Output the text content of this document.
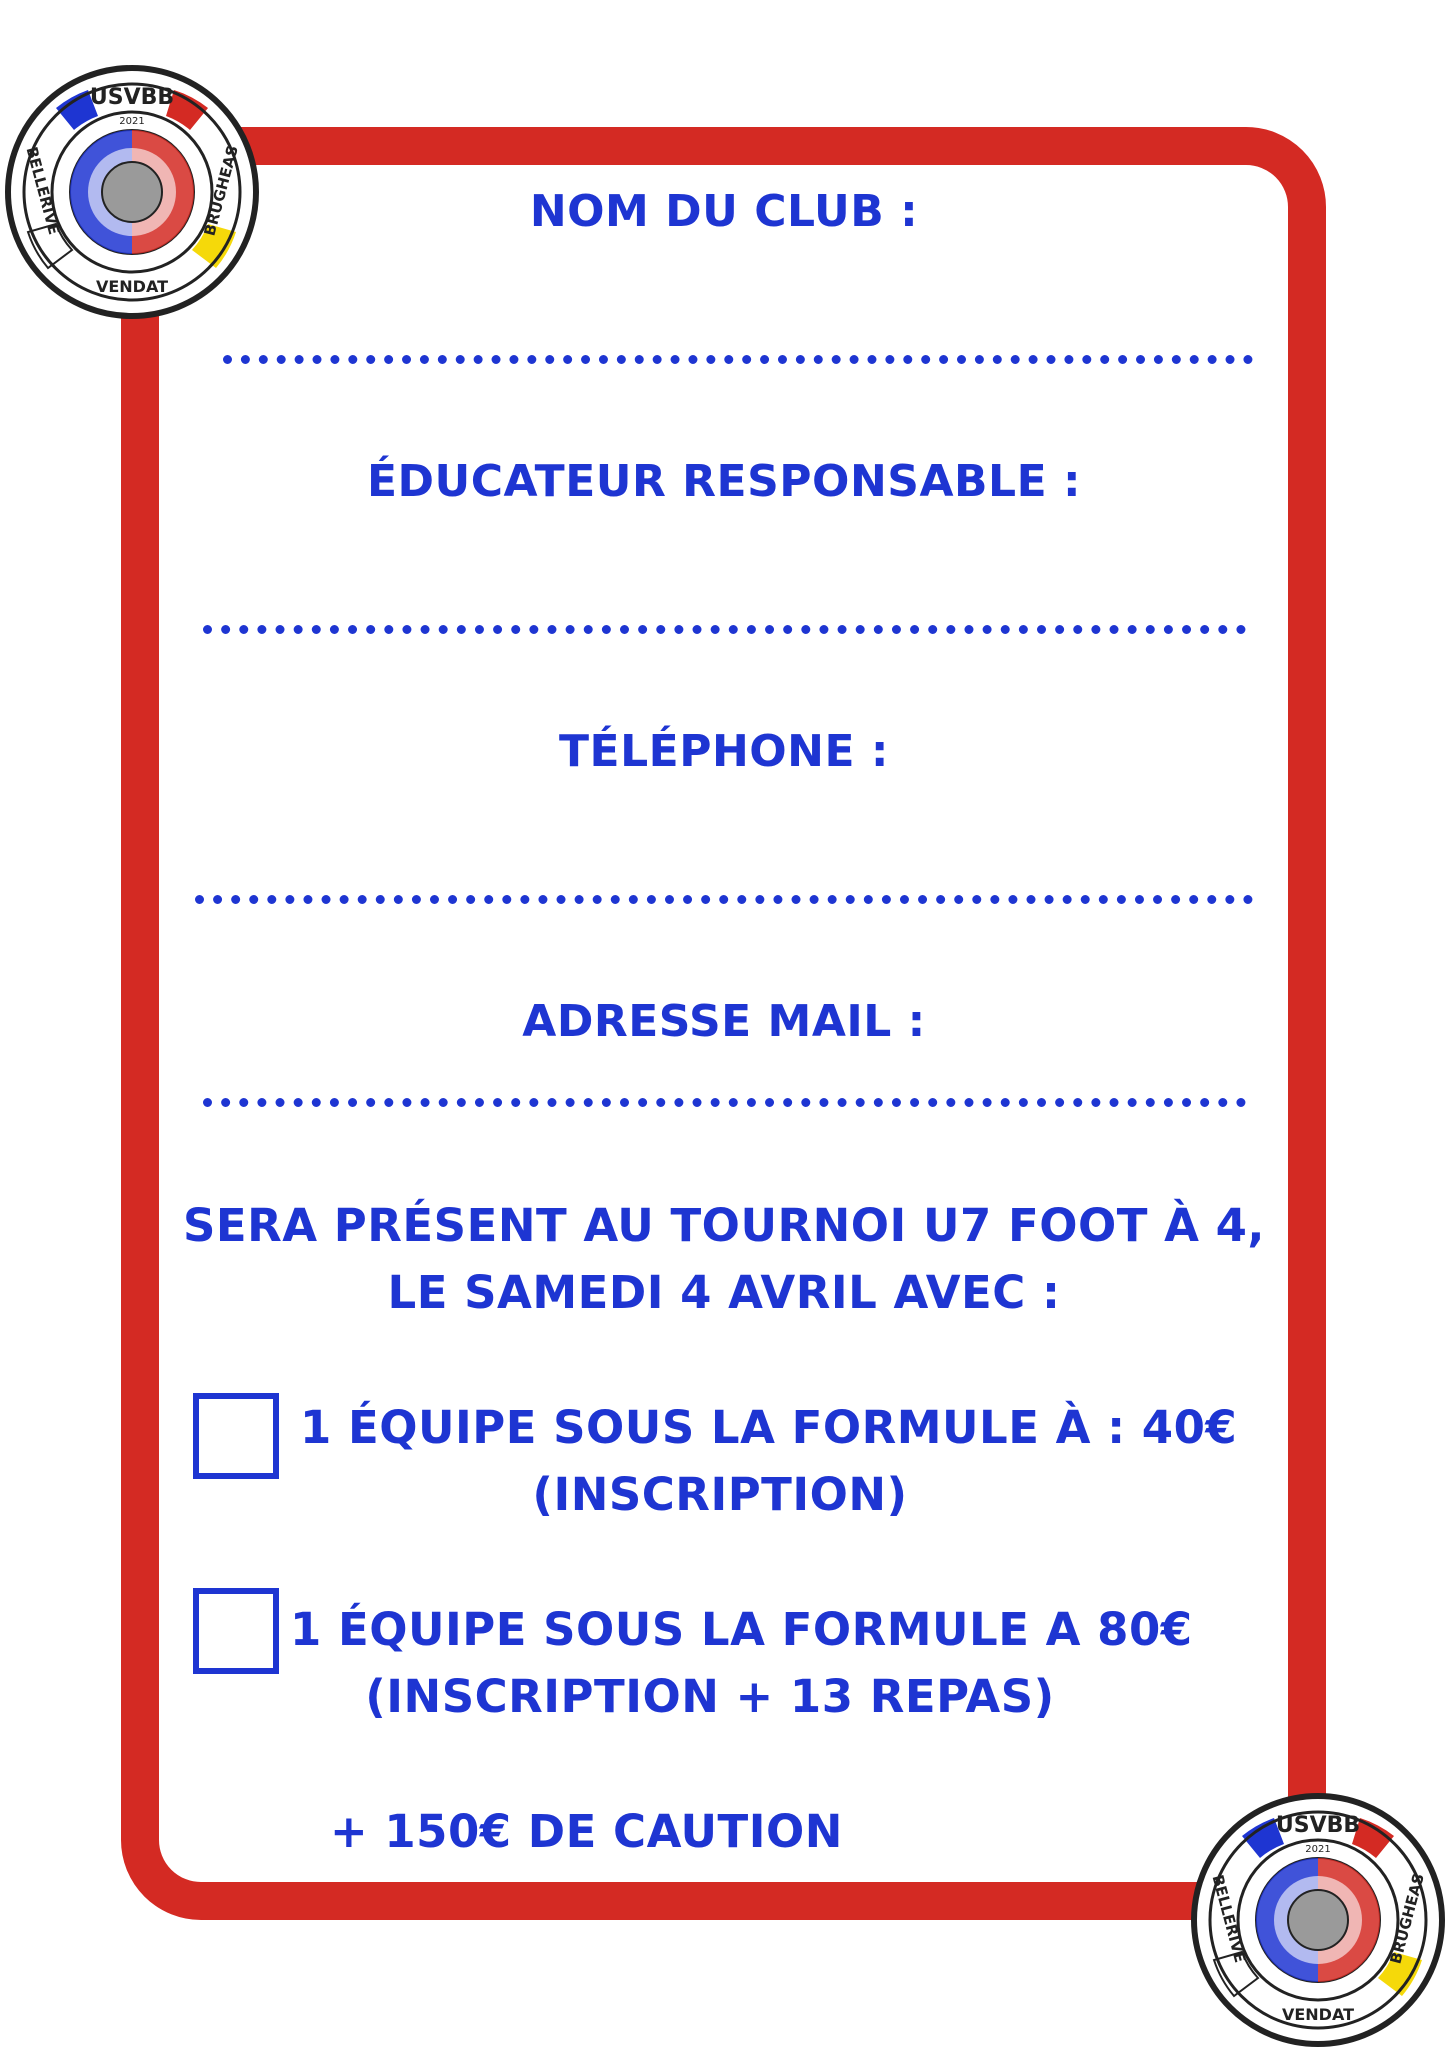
NOM DU CLUB :
ÉDUCATEUR RESPONSABLE :
TÉLÉPHONE :
ADRESSE MAIL :
SERA PRÉSENT AU TOURNOI U7 FOOT À 4,
LE SAMEDI 4 AVRIL AVEC :
1 ÉQUIPE SOUS LA FORMULE À : 40€
(INSCRIPTION)
1 ÉQUIPE SOUS LA FORMULE A 80€
(INSCRIPTION + 13 REPAS)
+ 150€ DE CAUTION
USVBB
2021
BELLERIVE	BRUGHEAS
VENDAT
USVBB
2021
BELLERIVE	BRUGHEAS
VENDAT
